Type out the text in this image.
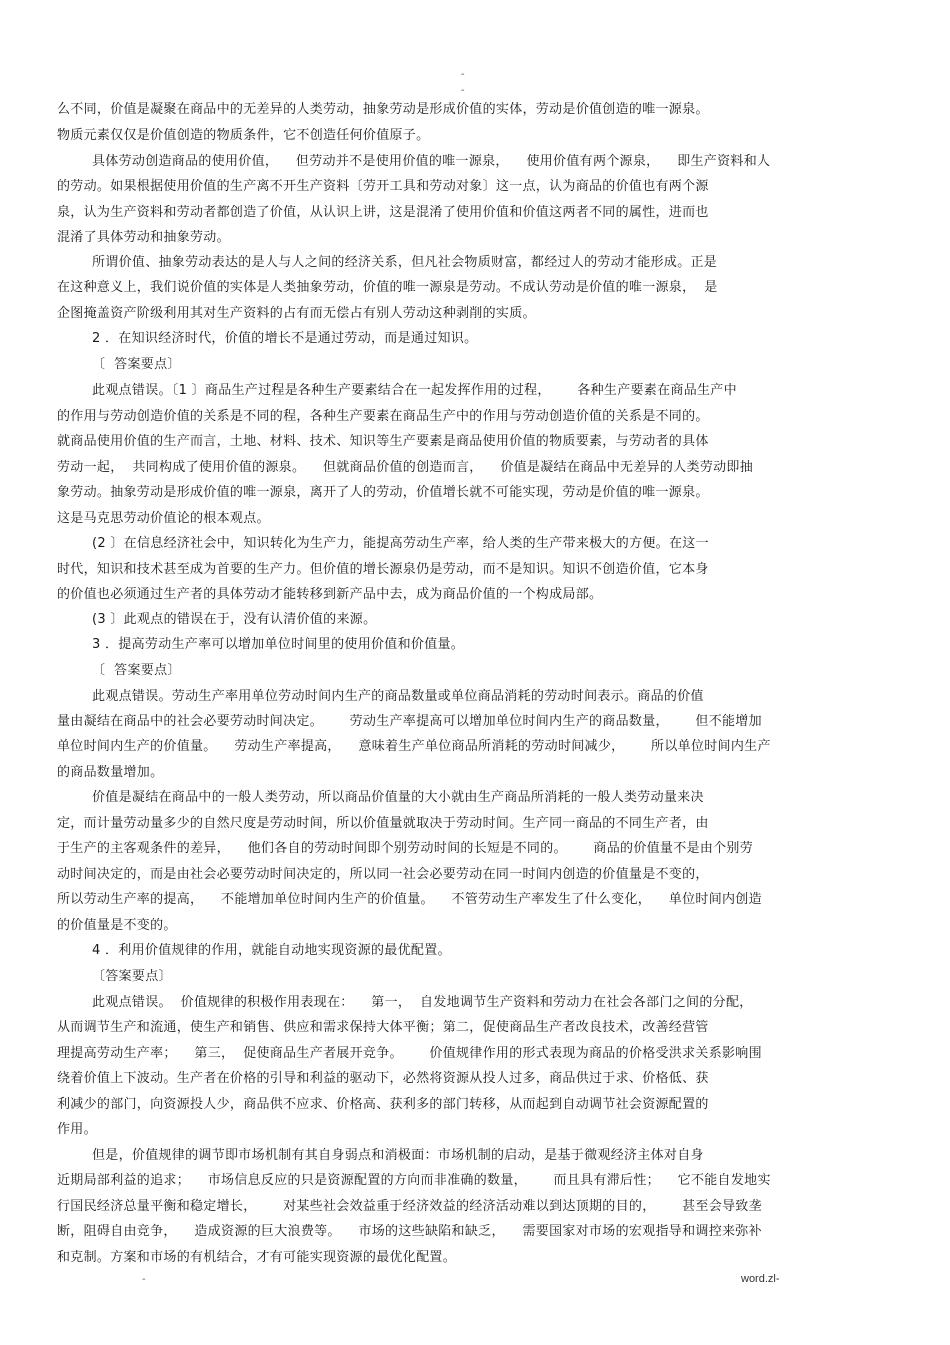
-
-
么不同，价值是凝聚在商品中的无差异的人类劳动，抽象劳动是形成价值的实体，劳动是价值创造的唯一源泉。
物质元素仅仅是价值创造的物质条件，它不创造任何价值原子。
具体劳动创造商品的使用价值，    但劳动并不是使用价值的唯一源泉，    使用价值有两个源泉，    即生产资料和人
的劳动。如果根据使用价值的生产离不开生产资料〔劳开工具和劳动对象〕这一点，认为商品的价值也有两个源
泉，认为生产资料和劳动者都创造了价值，从认识上讲，这是混淆了使用价值和价值这两者不同的属性，进而也
混淆了具体劳动和抽象劳动。
所谓价值、抽象劳动表达的是人与人之间的经济关系，但凡社会物质财富，都经过人的劳动才能形成。正是
在这种意义上，我们说价值的实体是人类抽象劳动，价值的唯一源泉是劳动。不成认劳动是价值的唯一源泉，  是
企图掩盖资产阶级利用其对生产资料的占有而无偿占有别人劳动这种剥削的实质。
2 ．在知识经济时代，价值的增长不是通过劳动，而是通过知识。
〔  答案要点〕
此观点错误。〔1 〕商品生产过程是各种生产要素结合在一起发挥作用的过程，      各种生产要素在商品生产中
的作用与劳动创造价值的关系是不同的程，各种生产要素在商品生产中的作用与劳动创造价值的关系是不同的。
就商品使用价值的生产而言，土地、材料、技术、知识等生产要素是商品使用价值的物质要素，与劳动者的具体
劳动一起，  共同构成了使用价值的源泉。    但就商品价值的创造而言，    价值是凝结在商品中无差异的人类劳动即抽
象劳动。抽象劳动是形成价值的唯一源泉，离开了人的劳动，价值增长就不可能实现，劳动是价值的唯一源泉。
这是马克思劳动价值论的根本观点。
(2 〕在信息经济社会中，知识转化为生产力，能提高劳动生产率，给人类的生产带来极大的方便。在这一
时代，知识和技术甚至成为首要的生产力。但价值的增长源泉仍是劳动，而不是知识。知识不创造价值，它本身
的价值也必须通过生产者的具体劳动才能转移到新产品中去，成为商品价值的一个构成局部。
(3 〕此观点的错误在于，没有认清价值的来源。
3 ．提高劳动生产率可以增加单位时间里的使用价值和价值量。
〔  答案要点〕
此观点错误。劳动生产率用单位劳动时间内生产的商品数量或单位商品消耗的劳动时间表示。商品的价值
量由凝结在商品中的社会必要劳动时间决定。      劳动生产率提高可以增加单位时间内生产的商品数量，      但不能增加
单位时间内生产的价值量。    劳动生产率提高，    意味着生产单位商品所消耗的劳动时间减少，      所以单位时间内生产
的商品数量增加。
价值是凝结在商品中的一般人类劳动，所以商品价值量的大小就由生产商品所消耗的一般人类劳动量来决
定，而计量劳动量多少的自然尺度是劳动时间，所以价值量就取决于劳动时间。生产同一商品的不同生产者，由
于生产的主客观条件的差异，    他们各自的劳动时间即个别劳动时间的长短是不同的。      商品的价值量不是由个别劳
动时间决定的，而是由社会必要劳动时间决定的，所以同一社会必要劳动在同一时间内创造的价值量是不变的，
所以劳动生产率的提高，    不能增加单位时间内生产的价值量。    不管劳动生产率发生了什么变化，    单位时间内创造
的价值量是不变的。
4 ．利用价值规律的作用，就能自动地实现资源的最优配置。
〔答案要点〕
此观点错误。  价值规律的积极作用表现在：    第一，  自发地调节生产资料和劳动力在社会各部门之间的分配，
从而调节生产和流通，使生产和销售、供应和需求保持大体平衡；第二，促使商品生产者改良技术，改善经营管
理提高劳动生产率；    第三，  促使商品生产者展开竞争。      价值规律作用的形式表现为商品的价格受洪求关系影响围
绕着价值上下波动。生产者在价格的引导和利益的驱动下，必然将资源从投人过多，商品供过于求、价格低、获
利减少的部门，向资源投人少，商品供不应求、价格高、获利多的部门转移，从而起到自动调节社会资源配置的
作用。
但是，价值规律的调节即市场机制有其自身弱点和消极面：市场机制的启动，是基于微观经济主体对自身
近期局部利益的追求；    市场信息反应的只是资源配置的方向而非准确的数量，      而且具有滞后性；    它不能自发地实
行国民经济总量平衡和稳定增长，      对某些社会效益重于经济效益的经济活动难以到达顶期的目的，      甚至会导致垄
断，阻碍自由竞争，    造成资源的巨大浪费等。    市场的这些缺陷和缺乏，    需要国家对市场的宏观指导和调控来弥补
和克制。方案和市场的有机结合，才有可能实现资源的最优化配置。
-	word.zl-
